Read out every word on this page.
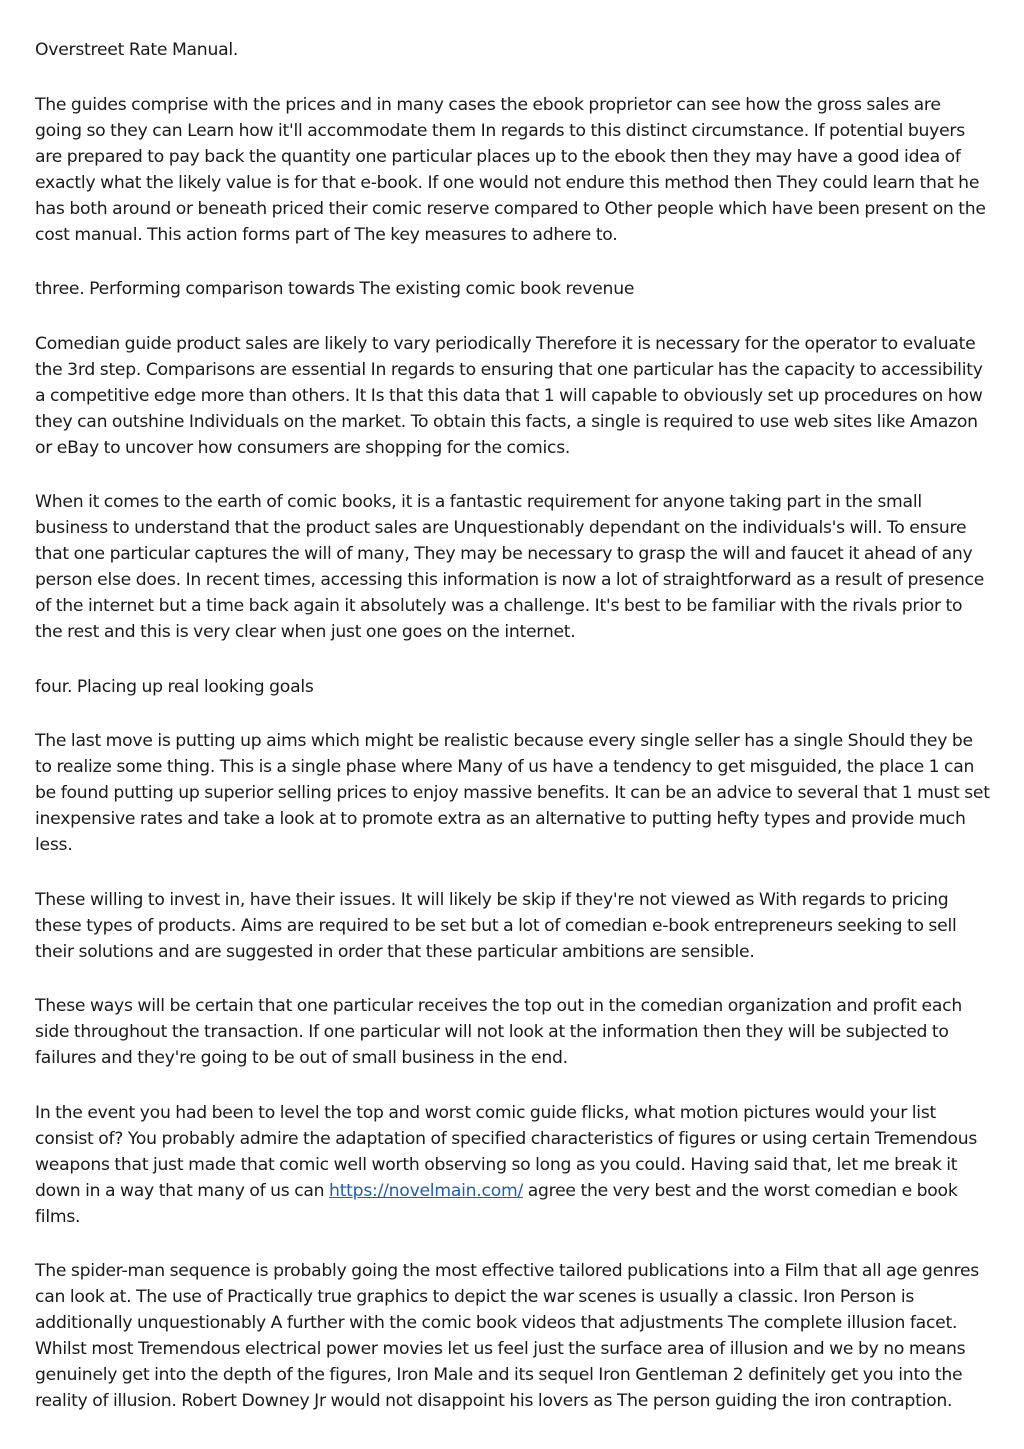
Overstreet Rate Manual.

The guides comprise with the prices and in many cases the ebook proprietor can see how the gross sales are going so they can Learn how it'll accommodate them In regards to this distinct circumstance. If potential buyers are prepared to pay back the quantity one particular places up to the ebook then they may have a good idea of exactly what the likely value is for that e-book. If one would not endure this method then They could learn that he has both around or beneath priced their comic reserve compared to Other people which have been present on the cost manual. This action forms part of The key measures to adhere to.

three. Performing comparison towards The existing comic book revenue

Comedian guide product sales are likely to vary periodically Therefore it is necessary for the operator to evaluate the 3rd step. Comparisons are essential In regards to ensuring that one particular has the capacity to accessibility a competitive edge more than others. It Is that this data that 1 will capable to obviously set up procedures on how they can outshine Individuals on the market. To obtain this facts, a single is required to use web sites like Amazon or eBay to uncover how consumers are shopping for the comics.

When it comes to the earth of comic books, it is a fantastic requirement for anyone taking part in the small business to understand that the product sales are Unquestionably dependant on the individuals's will. To ensure that one particular captures the will of many, They may be necessary to grasp the will and faucet it ahead of any person else does. In recent times, accessing this information is now a lot of straightforward as a result of presence of the internet but a time back again it absolutely was a challenge. It's best to be familiar with the rivals prior to the rest and this is very clear when just one goes on the internet.

four. Placing up real looking goals

The last move is putting up aims which might be realistic because every single seller has a single Should they be to realize some thing. This is a single phase where Many of us have a tendency to get misguided, the place 1 can be found putting up superior selling prices to enjoy massive benefits. It can be an advice to several that 1 must set inexpensive rates and take a look at to promote extra as an alternative to putting hefty types and provide much less.

These willing to invest in, have their issues. It will likely be skip if they're not viewed as With regards to pricing these types of products. Aims are required to be set but a lot of comedian e-book entrepreneurs seeking to sell their solutions and are suggested in order that these particular ambitions are sensible.

These ways will be certain that one particular receives the top out in the comedian organization and profit each side throughout the transaction. If one particular will not look at the information then they will be subjected to failures and they're going to be out of small business in the end.

In the event you had been to level the top and worst comic guide flicks, what motion pictures would your list consist of? You probably admire the adaptation of specified characteristics of figures or using certain Tremendous weapons that just made that comic well worth observing so long as you could. Having said that, let me break it down in a way that many of us can https://novelmain.com/ agree the very best and the worst comedian e book films.

The spider-man sequence is probably going the most effective tailored publications into a Film that all age genres can look at. The use of Practically true graphics to depict the war scenes is usually a classic. Iron Person is additionally unquestionably A further with the comic book videos that adjustments The complete illusion facet. Whilst most Tremendous electrical power movies let us feel just the surface area of illusion and we by no means genuinely get into the depth of the figures, Iron Male and its sequel Iron Gentleman 2 definitely get you into the reality of illusion. Robert Downey Jr would not disappoint his lovers as The person guiding the iron contraption.
